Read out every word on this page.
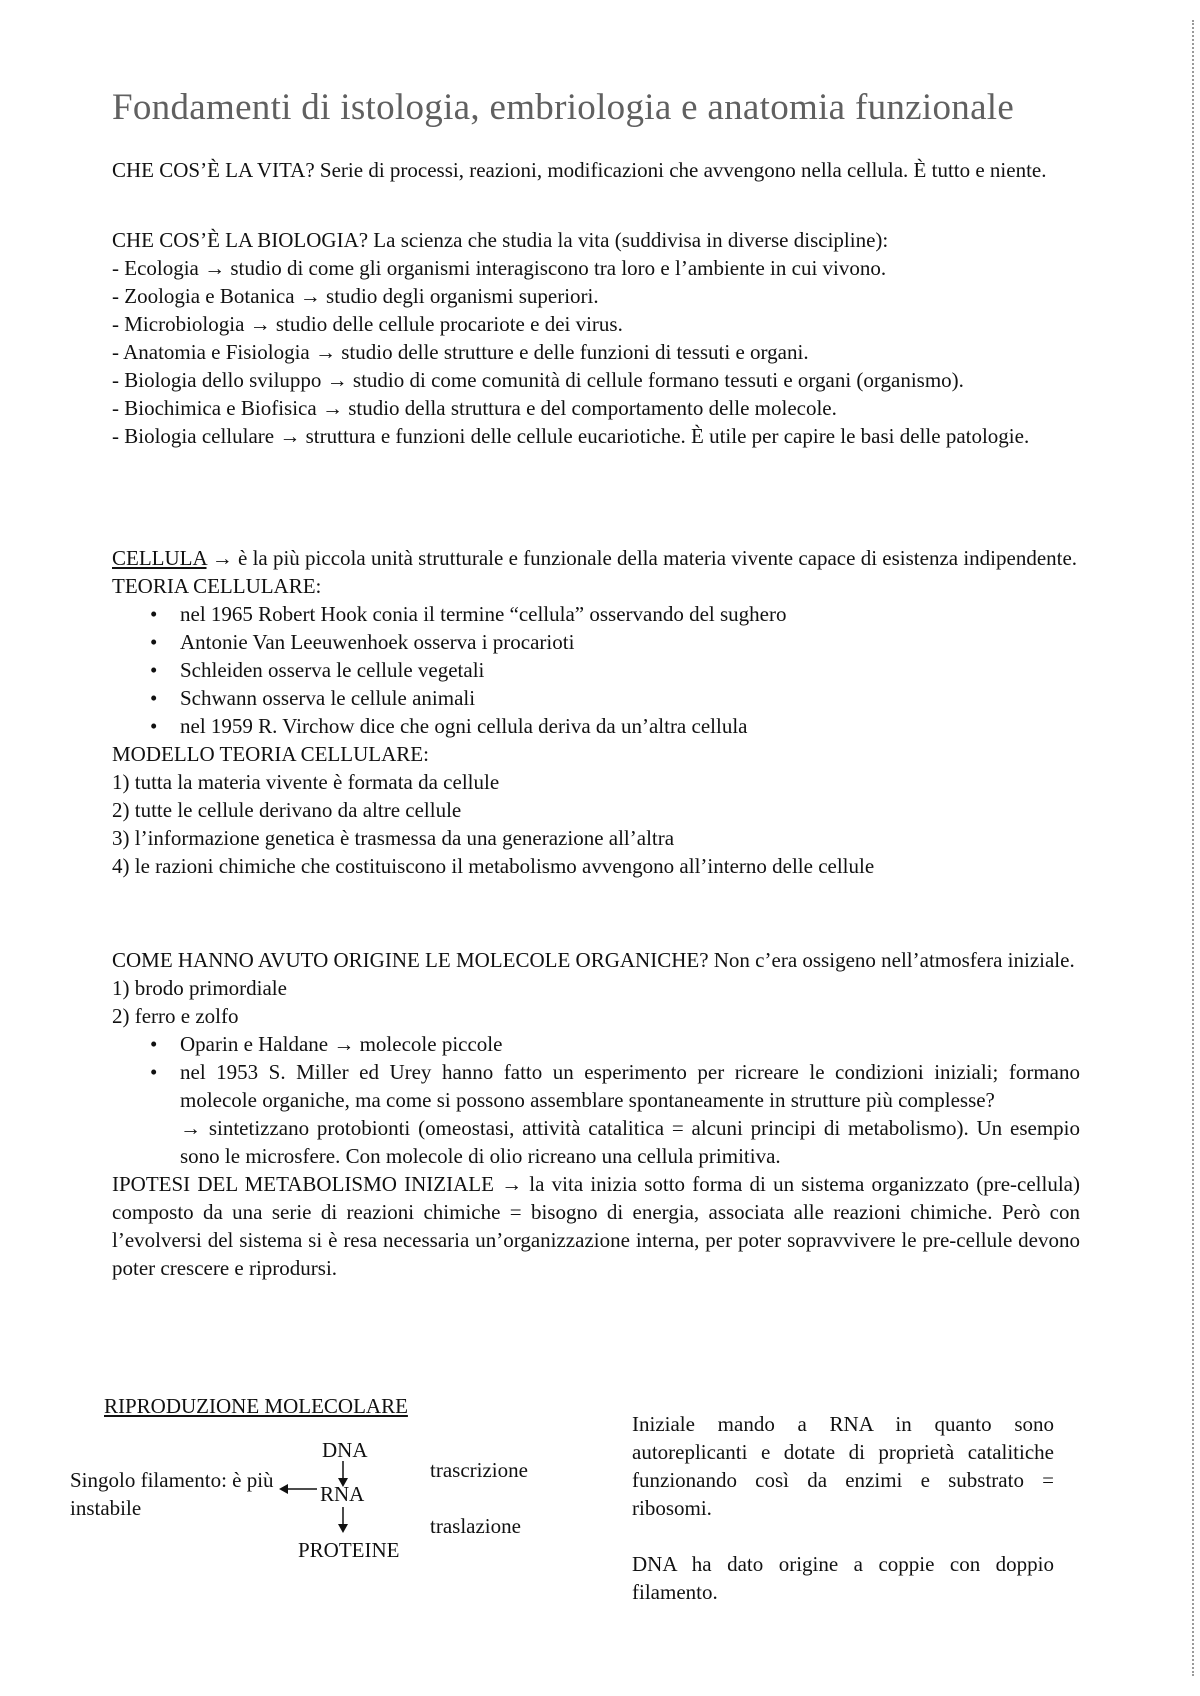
Fondamenti di istologia, embriologia e anatomia funzionale

CHE COS’È LA VITA? Serie di processi, reazioni, modificazioni che avvengono nella cellula. È tutto e niente.

CHE COS’È LA BIOLOGIA? La scienza che studia la vita (suddivisa in diverse discipline):

- Ecologia → studio di come gli organismi interagiscono tra loro e l’ambiente in cui vivono.
- Zoologia e Botanica → studio degli organismi superiori.
- Microbiologia → studio delle cellule procariote e dei virus.
- Anatomia e Fisiologia → studio delle strutture e delle funzioni di tessuti e organi.
- Biologia dello sviluppo → studio di come comunità di cellule formano tessuti e organi (organismo).
- Biochimica e Biofisica → studio della struttura e del comportamento delle molecole.
- Biologia cellulare → struttura e funzioni delle cellule eucariotiche. È utile per capire le basi delle patologie.

CELLULA → è la più piccola unità strutturale e funzionale della materia vivente capace di esistenza indipendente.

TEORIA CELLULARE:

• nel 1965 Robert Hook conia il termine “cellula” osservando del sughero
• Antonie Van Leeuwenhoek osserva i procarioti
• Schleiden osserva le cellule vegetali
• Schwann osserva le cellule animali
• nel 1959 R. Virchow dice che ogni cellula deriva da un’altra cellula

MODELLO TEORIA CELLULARE:

1) tutta la materia vivente è formata da cellule
2) tutte le cellule derivano da altre cellule
3) l’informazione genetica è trasmessa da una generazione all’altra
4) le razioni chimiche che costituiscono il metabolismo avvengono all’interno delle cellule

COME HANNO AVUTO ORIGINE LE MOLECOLE ORGANICHE? Non c’era ossigeno nell’atmosfera iniziale.

1) brodo primordiale
2) ferro e zolfo
• Oparin e Haldane → molecole piccole
• nel 1953 S. Miller ed Urey hanno fatto un esperimento per ricreare le condizioni iniziali; formano molecole organiche, ma come si possono assemblare spontaneamente in strutture più complesse?

→ sintetizzano protobionti (omeostasi, attività catalitica = alcuni principi di metabolismo). Un esempio sono le microsfere. Con molecole di olio ricreano una cellula primitiva.

IPOTESI DEL METABOLISMO INIZIALE → la vita inizia sotto forma di un sistema organizzato (pre-cellula) composto da una serie di reazioni chimiche = bisogno di energia, associata alle reazioni chimiche. Però con l’evolversi del sistema si è resa necessaria un’organizzazione interna, per poter sopravvivere le pre-cellule devono poter crescere e riprodursi.

RIPRODUZIONE MOLECOLARE

DNA
trascrizione
RNA
traslazione
PROTEINE

Singolo filamento: è più instabile

Iniziale mando a RNA in quanto sono autoreplicanti e dotate di proprietà catalitiche funzionando così da enzimi e substrato = ribosomi.

DNA ha dato origine a coppie con doppio filamento.
